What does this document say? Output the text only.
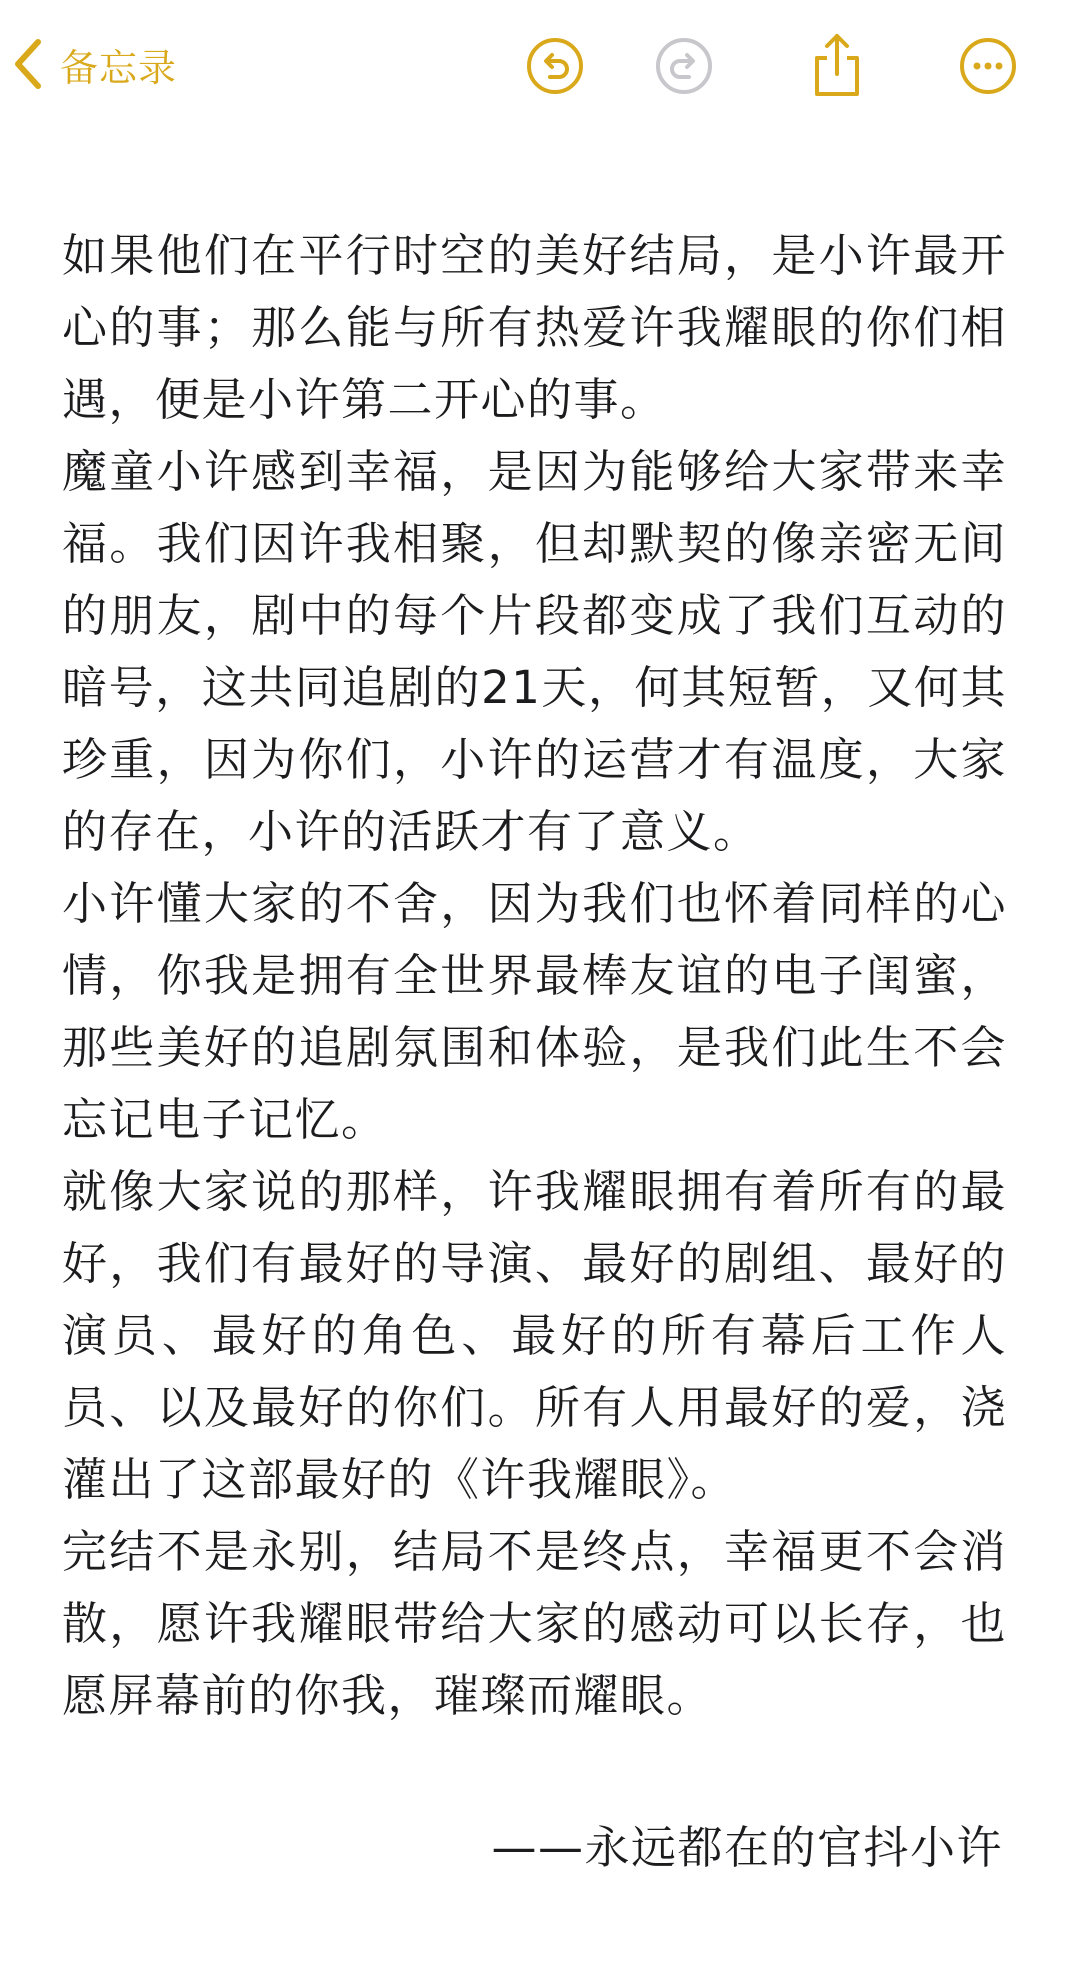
备忘录

如果他们在平行时空的美好结局，是小许最开心的事；那么能与所有热爱许我耀眼的你们相遇，便是小许第二开心的事。

魔童小许感到幸福，是因为能够给大家带来幸福。我们因许我相聚，但却默契的像亲密无间的朋友，剧中的每个片段都变成了我们互动的暗号，这共同追剧的21天，何其短暂，又何其珍重，因为你们，小许的运营才有温度，大家的存在，小许的活跃才有了意义。

小许懂大家的不舍，因为我们也怀着同样的心情，你我是拥有全世界最棒友谊的电子闺蜜，那些美好的追剧氛围和体验，是我们此生不会忘记电子记忆。

就像大家说的那样，许我耀眼拥有着所有的最好，我们有最好的导演、最好的剧组、最好的演员、最好的角色、最好的所有幕后工作人员、以及最好的你们。所有人用最好的爱，浇灌出了这部最好的《许我耀眼》。

完结不是永别，结局不是终点，幸福更不会消散，愿许我耀眼带给大家的感动可以长存，也愿屏幕前的你我，璀璨而耀眼。

——永远都在的官抖小许
